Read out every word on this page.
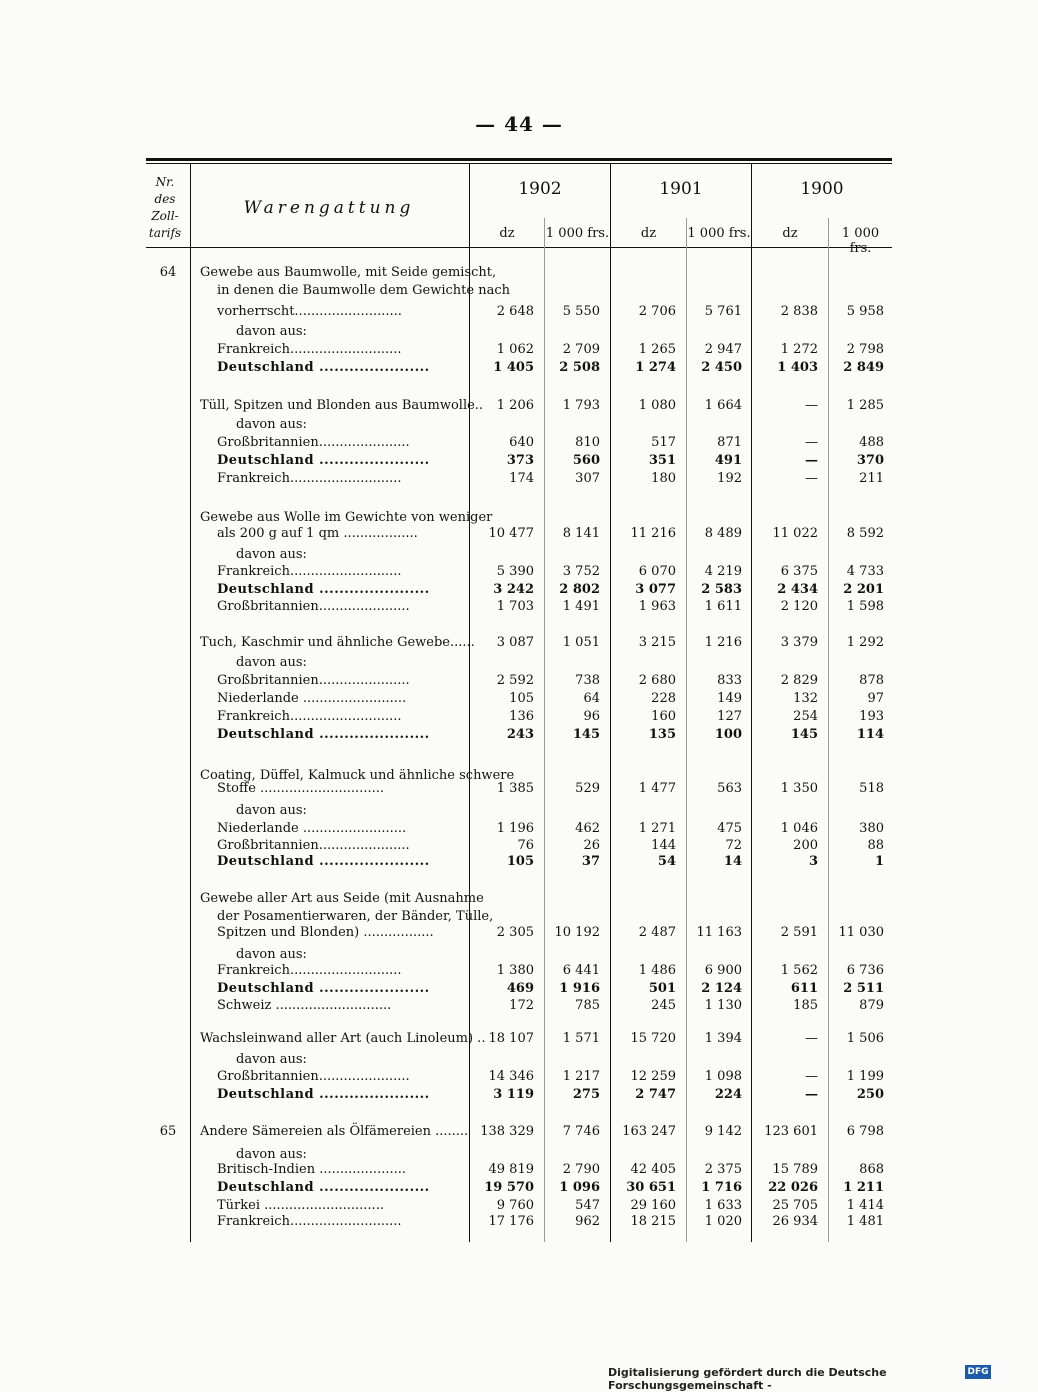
— 44 —
Nr.
des
Zoll-
tarifs
Warengattung
1902	1901	1900
dz	1 000 frs.	dz	1 000 frs.	dz	1 000 frs.
64	Gewebe aus Baumwolle, mit Seide gemischt,
in denen die Baumwolle dem Gewichte nach
vorherrscht..........................	2 648	5 550	2 706	5 761	2 838	5 958
davon aus:
Frankreich...........................	1 062	2 709	1 265	2 947	1 272	2 798
Deutschland ......................	1 405	2 508	1 274	2 450	1 403	2 849
Tüll, Spitzen und Blonden aus Baumwolle..	1 206	1 793	1 080	1 664	—	1 285
davon aus:
Großbritannien......................	640	810	517	871	—	488
Deutschland ......................	373	560	351	491	—	370
Frankreich...........................	174	307	180	192	—	211
Gewebe aus Wolle im Gewichte von weniger
als 200 g auf 1 qm ..................	10 477	8 141	11 216	8 489	11 022	8 592
davon aus:
Frankreich...........................	5 390	3 752	6 070	4 219	6 375	4 733
Deutschland ......................	3 242	2 802	3 077	2 583	2 434	2 201
Großbritannien......................	1 703	1 491	1 963	1 611	2 120	1 598
Tuch, Kaschmir und ähnliche Gewebe......	3 087	1 051	3 215	1 216	3 379	1 292
davon aus:
Großbritannien......................	2 592	738	2 680	833	2 829	878
Niederlande .........................	105	64	228	149	132	97
Frankreich...........................	136	96	160	127	254	193
Deutschland ......................	243	145	135	100	145	114
Coating, Düffel, Kalmuck und ähnliche schwere
Stoffe ..............................	1 385	529	1 477	563	1 350	518
davon aus:
Niederlande .........................	1 196	462	1 271	475	1 046	380
Großbritannien......................	76	26	144	72	200	88
Deutschland ......................	105	37	54	14	3	1
Gewebe aller Art aus Seide (mit Ausnahme
der Posamentierwaren, der Bänder, Tülle,
Spitzen und Blonden) .................	2 305	10 192	2 487	11 163	2 591	11 030
davon aus:
Frankreich...........................	1 380	6 441	1 486	6 900	1 562	6 736
Deutschland ......................	469	1 916	501	2 124	611	2 511
Schweiz ............................	172	785	245	1 130	185	879
Wachsleinwand aller Art (auch Linoleum) .. 18 107	1 571	15 720	1 394	—	1 506
davon aus:
Großbritannien......................	14 346	1 217	12 259	1 098	—	1 199
Deutschland ......................	3 119	275	2 747	224	—	250
65	Andere Sämereien als Ölfämereien ........ 138 329	7 746	163 247	9 142	123 601	6 798
davon aus:
Britisch-Indien .....................	49 819	2 790	42 405	2 375	15 789	868
Deutschland ......................	19 570	1 096	30 651	1 716	22 026	1 211
Türkei .............................	9 760	547	29 160	1 633	25 705	1 414
Frankreich...........................	17 176	962	18 215	1 020	26 934	1 481
Digitalisierung gefördert durch die Deutsche Forschungsgemeinschaft -
DFG
